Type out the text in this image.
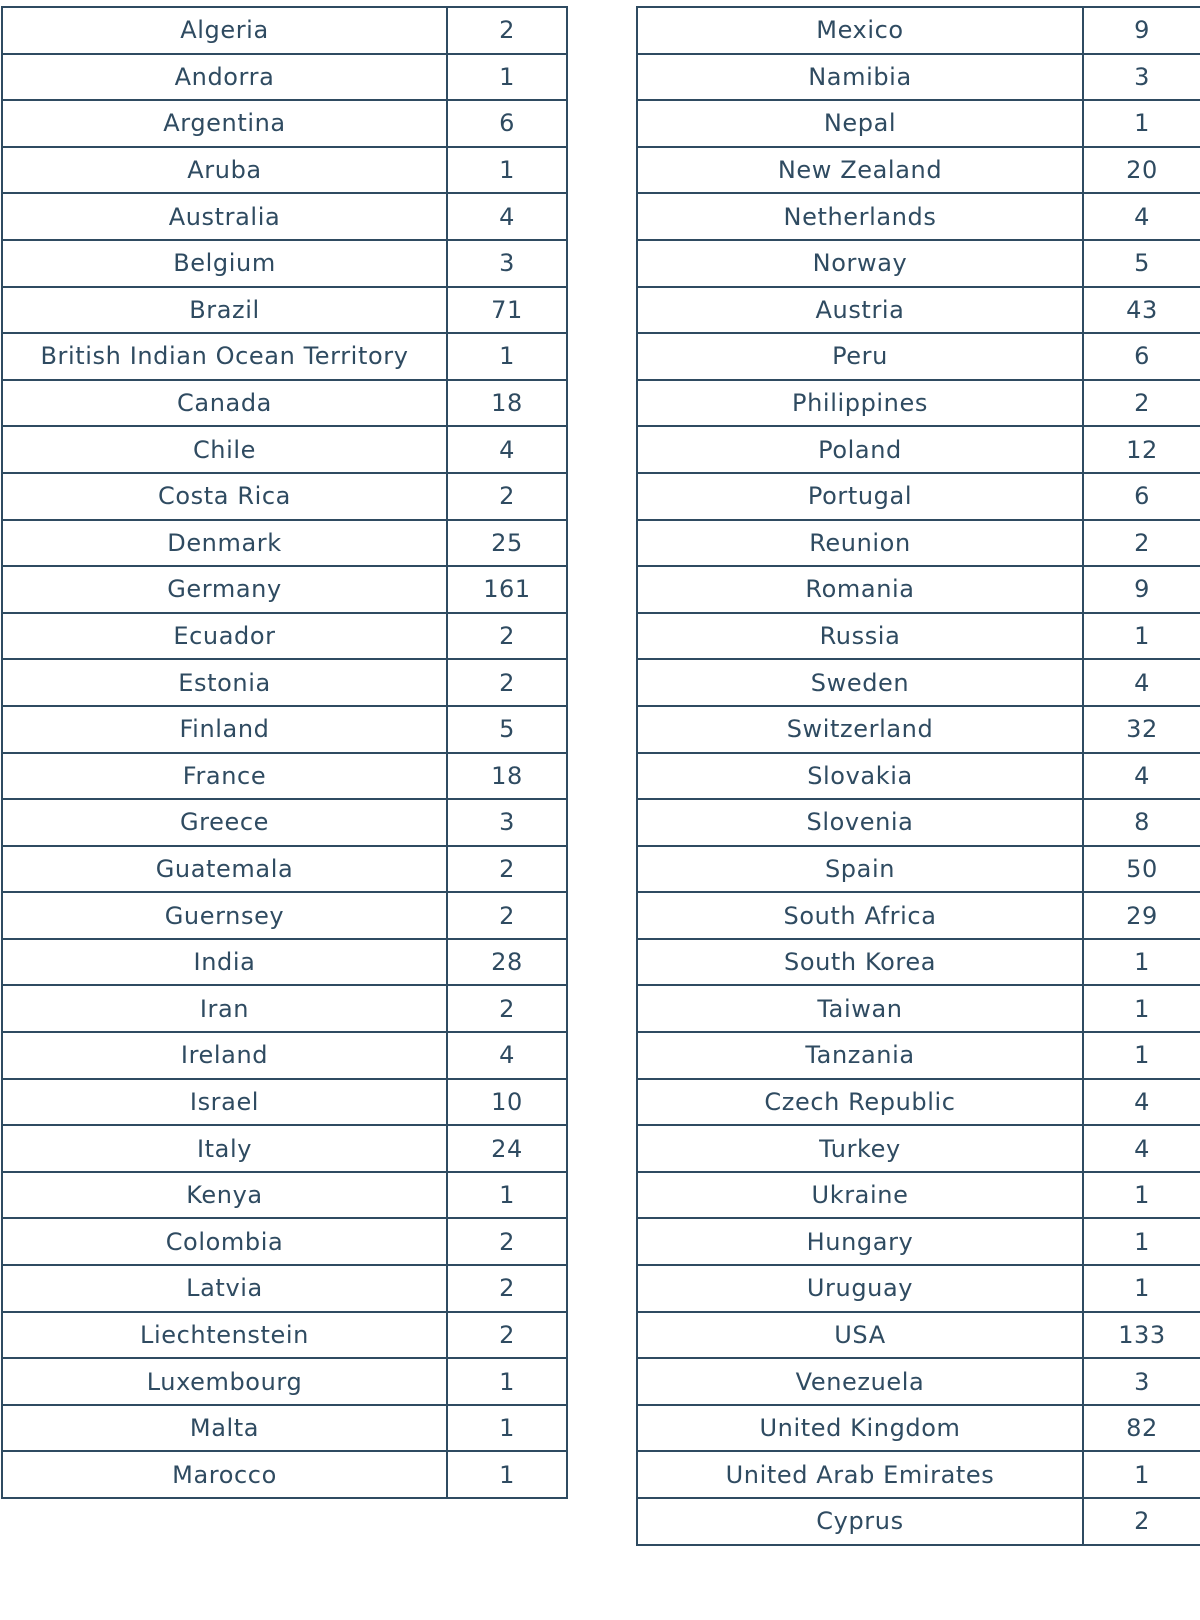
Algeria	2
Andorra	1
Argentina	6
Aruba	1
Australia	4
Belgium	3
Brazil	71
British Indian Ocean Territory	1
Canada	18
Chile	4
Costa Rica	2
Denmark	25
Germany	161
Ecuador	2
Estonia	2
Finland	5
France	18
Greece	3
Guatemala	2
Guernsey	2
India	28
Iran	2
Ireland	4
Israel	10
Italy	24
Kenya	1
Colombia	2
Latvia	2
Liechtenstein	2
Luxembourg	1
Malta	1
Marocco	1
Mexico	9
Namibia	3
Nepal	1
New Zealand	20
Netherlands	4
Norway	5
Austria	43
Peru	6
Philippines	2
Poland	12
Portugal	6
Reunion	2
Romania	9
Russia	1
Sweden	4
Switzerland	32
Slovakia	4
Slovenia	8
Spain	50
South Africa	29
South Korea	1
Taiwan	1
Tanzania	1
Czech Republic	4
Turkey	4
Ukraine	1
Hungary	1
Uruguay	1
USA	133
Venezuela	3
United Kingdom	82
United Arab Emirates	1
Cyprus	2
